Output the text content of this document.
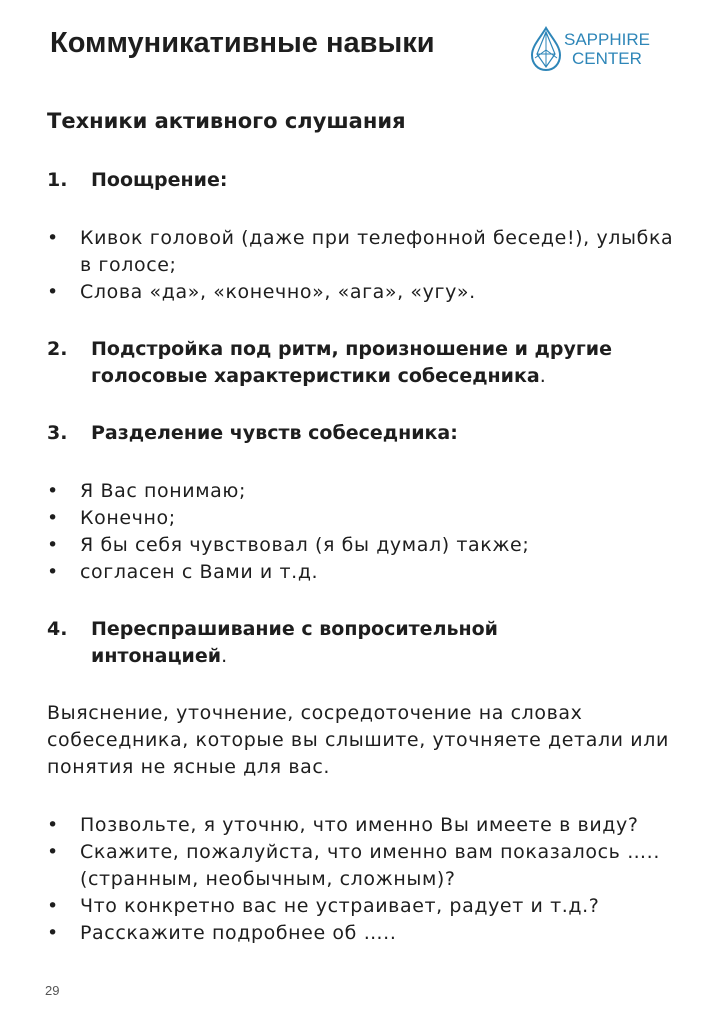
Коммуникативные навыки	SAPPHIRE
CENTER
Техники активного слушания
1.	Поощрение:
• Кивок головой (даже при телефонной беседе!), улыбка в голосе;
• Слова «да», «конечно», «ага», «угу».
2.	Подстройка под ритм, произношение и другие
голосовые характеристики собеседника.
3.	Разделение чувств собеседника:
• Я Вас понимаю;
• Конечно;
• Я бы себя чувствовал (я бы думал) также;
• согласен с Вами и т.д.
4.	Переспрашивание с вопросительной
интонацией.

Выяснение, уточнение, сосредоточение на словах собеседника, которые вы слышите, уточняете детали или понятия не ясные для вас.

• Позвольте, я уточню, что именно Вы имеете в виду?
• Скажите, пожалуйста, что именно вам показалось ….. (странным, необычным, сложным)?
• Что конкретно вас не устраивает, радует и т.д.?
• Расскажите подробнее об …..
29
